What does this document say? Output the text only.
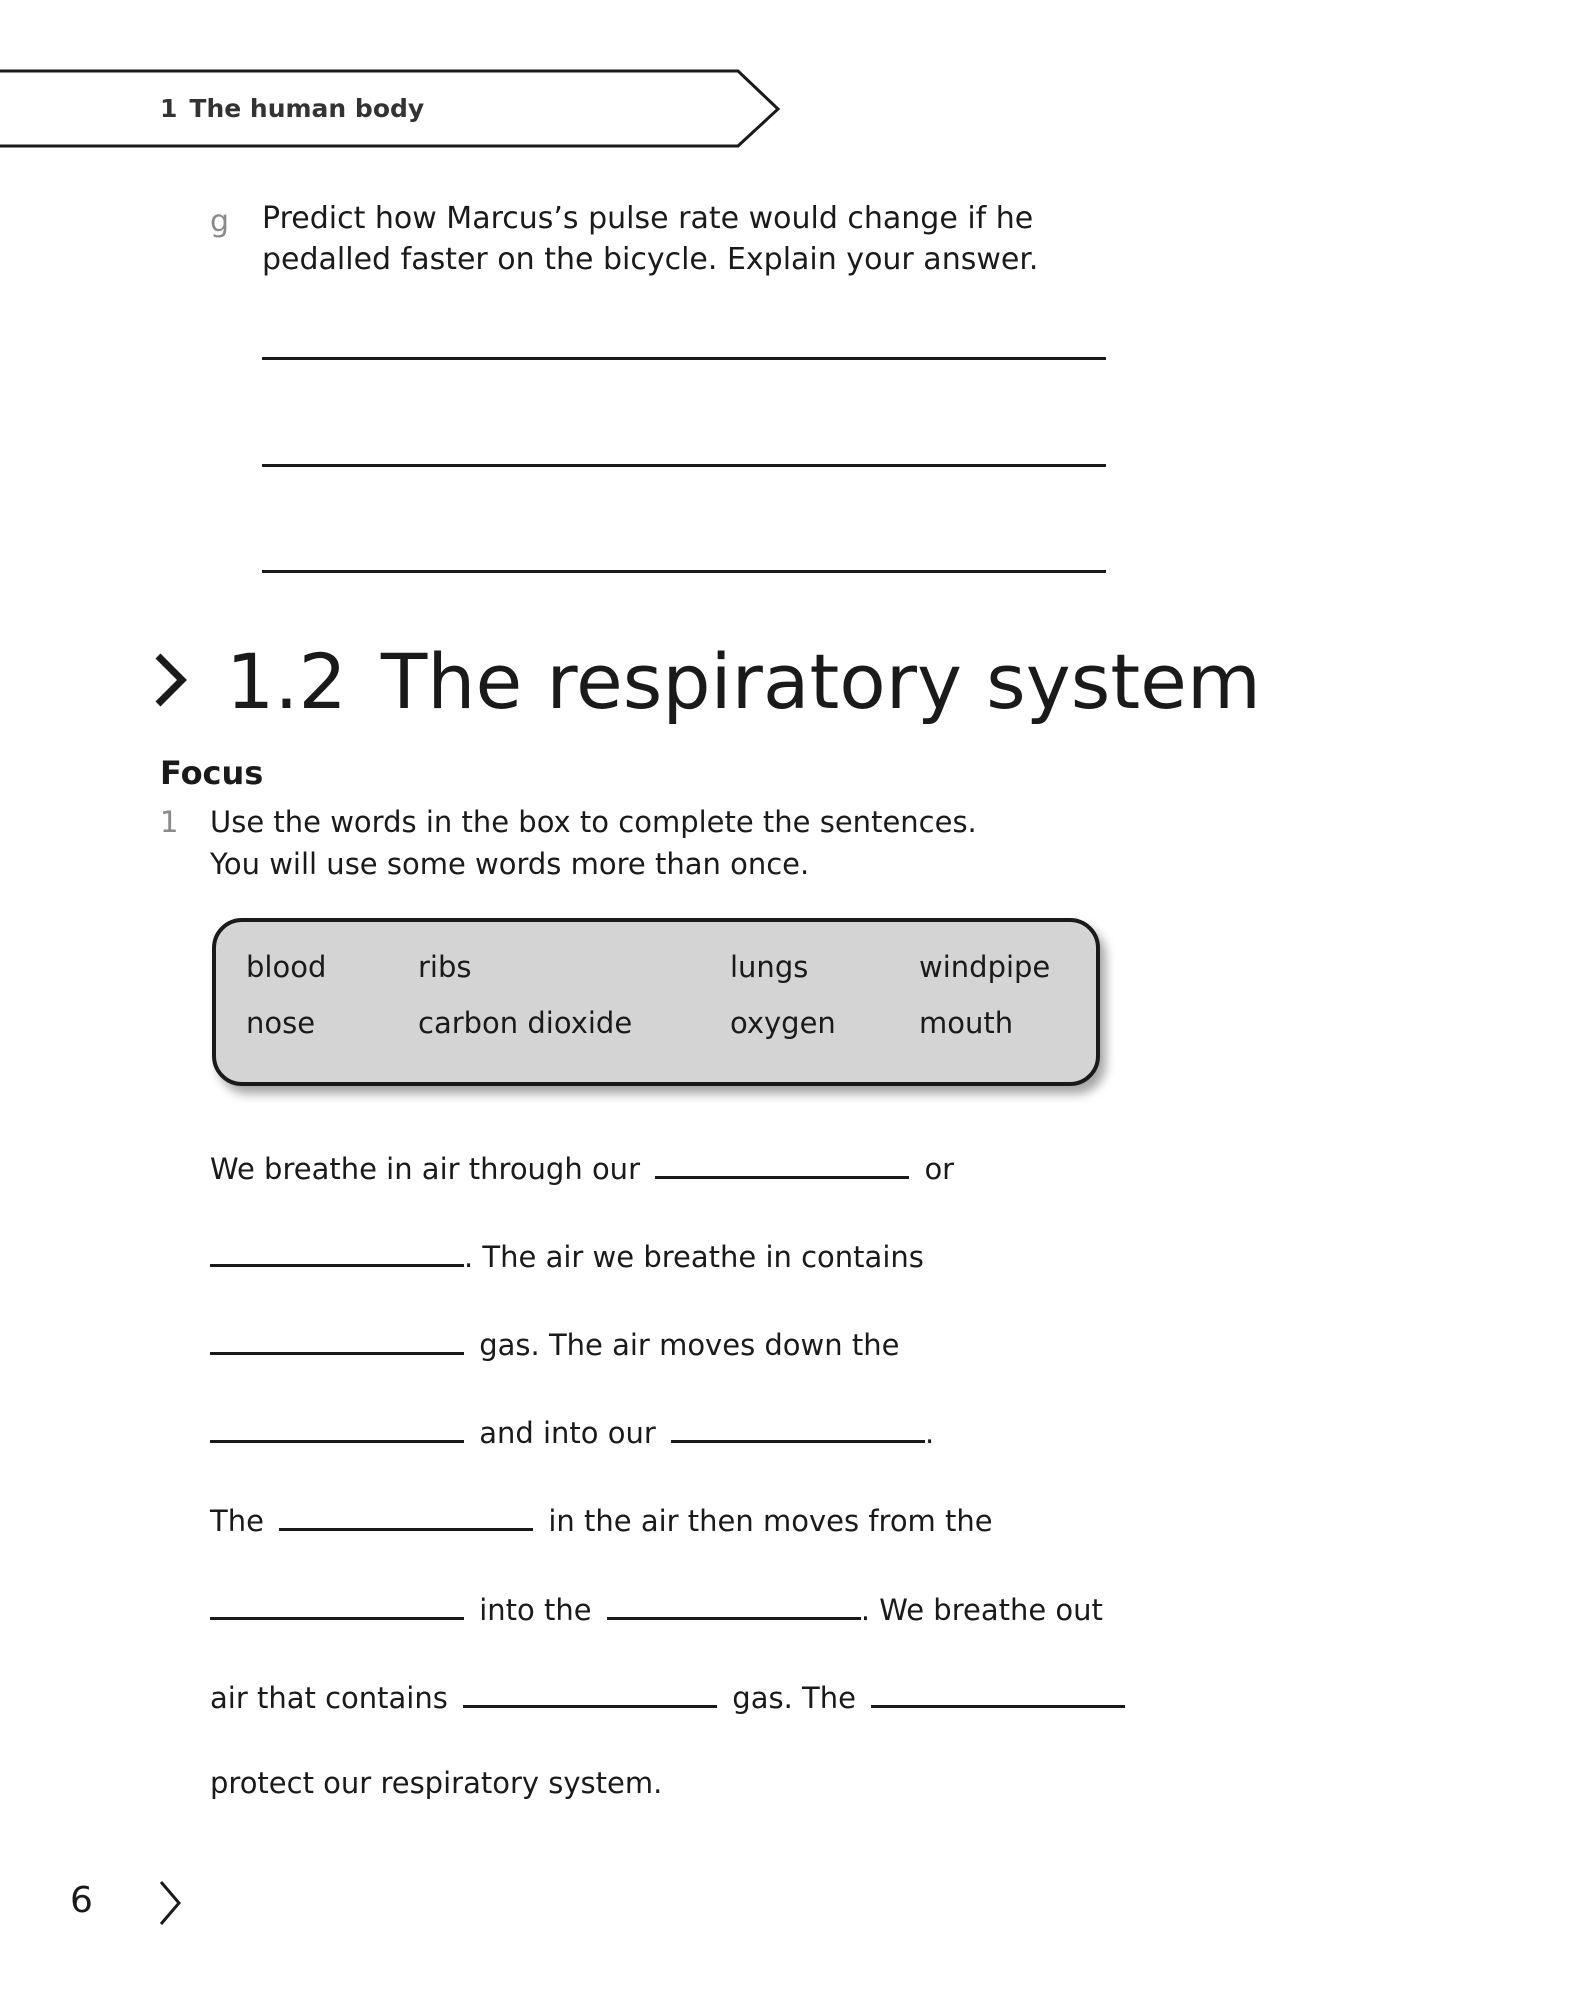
1 The human body
g Predict how Marcus’s pulse rate would change if he pedalled faster on the bicycle. Explain your answer.
1.2 The respiratory system
Focus
1 Use the words in the box to complete the sentences.
You will use some words more than once.
blood	ribs	lungs	windpipe
nose	carbon dioxide	oxygen	mouth
We breathe in air through our	or
. The air we breathe in contains
gas. The air moves down the
and into our	.
The	in the air then moves from the
into the	. We breathe out
air that contains	gas. The
protect our respiratory system.
6
